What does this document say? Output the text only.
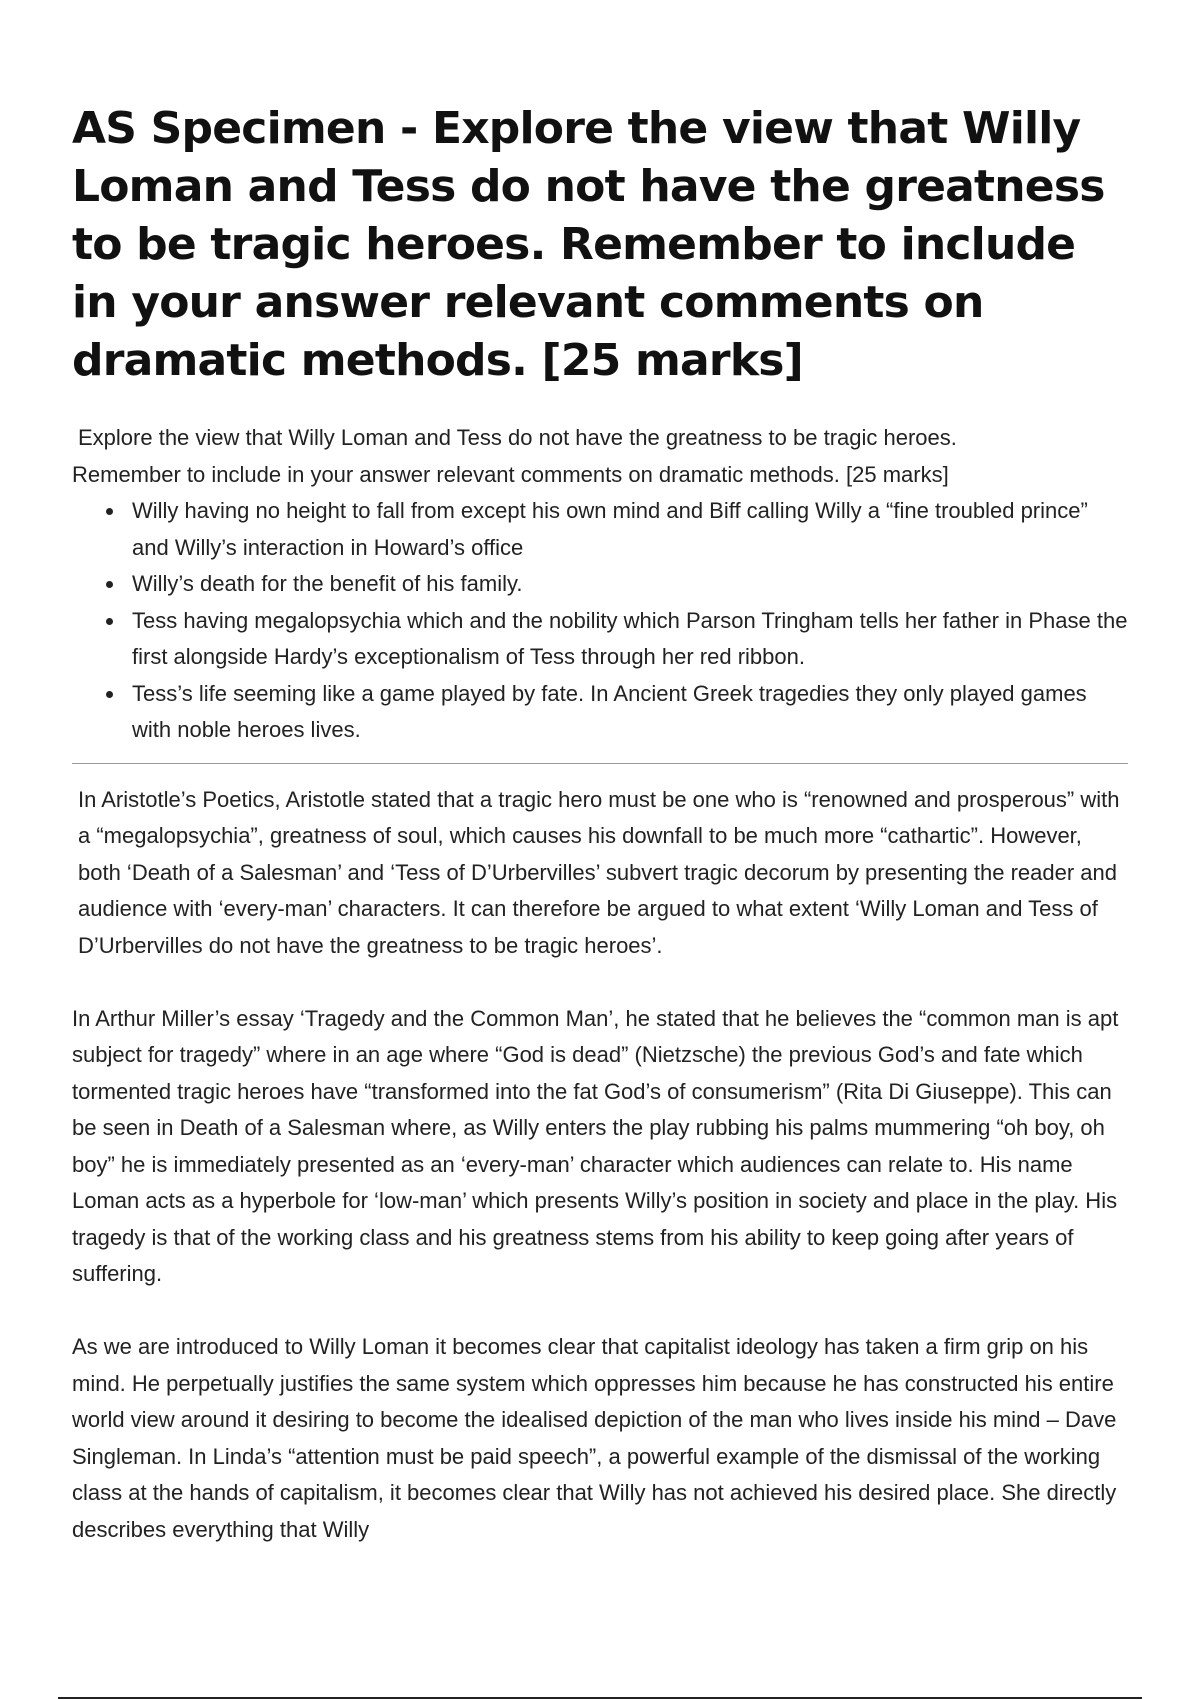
AS Specimen - Explore the view that Willy Loman and Tess do not have the greatness to be tragic heroes. Remember to include in your answer relevant comments on dramatic methods. [25 marks]

Explore the view that Willy Loman and Tess do not have the greatness to be tragic heroes.
Remember to include in your answer relevant comments on dramatic methods. [25 marks]

Willy having no height to fall from except his own mind and Biff calling Willy a “fine troubled prince” and Willy’s interaction in Howard’s office
Willy’s death for the benefit of his family.
Tess having megalopsychia which and the nobility which Parson Tringham tells her father in Phase the first alongside Hardy’s exceptionalism of Tess through her red ribbon.
Tess’s life seeming like a game played by fate. In Ancient Greek tragedies they only played games with noble heroes lives.

In Aristotle’s Poetics, Aristotle stated that a tragic hero must be one who is “renowned and prosperous” with a “megalopsychia”, greatness of soul, which causes his downfall to be much more “cathartic”. However, both ‘Death of a Salesman’ and ‘Tess of D’Urbervilles’ subvert tragic decorum by presenting the reader and audience with ‘every-man’ characters. It can therefore be argued to what extent ‘Willy Loman and Tess of D’Urbervilles do not have the greatness to be tragic heroes’.

In Arthur Miller’s essay ‘Tragedy and the Common Man’, he stated that he believes the “common man is apt subject for tragedy” where in an age where “God is dead” (Nietzsche) the previous God’s and fate which tormented tragic heroes have “transformed into the fat God’s of consumerism” (Rita Di Giuseppe). This can be seen in Death of a Salesman where, as Willy enters the play rubbing his palms mummering “oh boy, oh boy” he is immediately presented as an ‘every-man’ character which audiences can relate to. His name Loman acts as a hyperbole for ‘low-man’ which presents Willy’s position in society and place in the play. His tragedy is that of the working class and his greatness stems from his ability to keep going after years of suffering.

As we are introduced to Willy Loman it becomes clear that capitalist ideology has taken a firm grip on his mind. He perpetually justifies the same system which oppresses him because he has constructed his entire world view around it desiring to become the idealised depiction of the man who lives inside his mind – Dave Singleman. In Linda’s “attention must be paid speech”, a powerful example of the dismissal of the working class at the hands of capitalism, it becomes clear that Willy has not achieved his desired place. She directly describes everything that Willy
